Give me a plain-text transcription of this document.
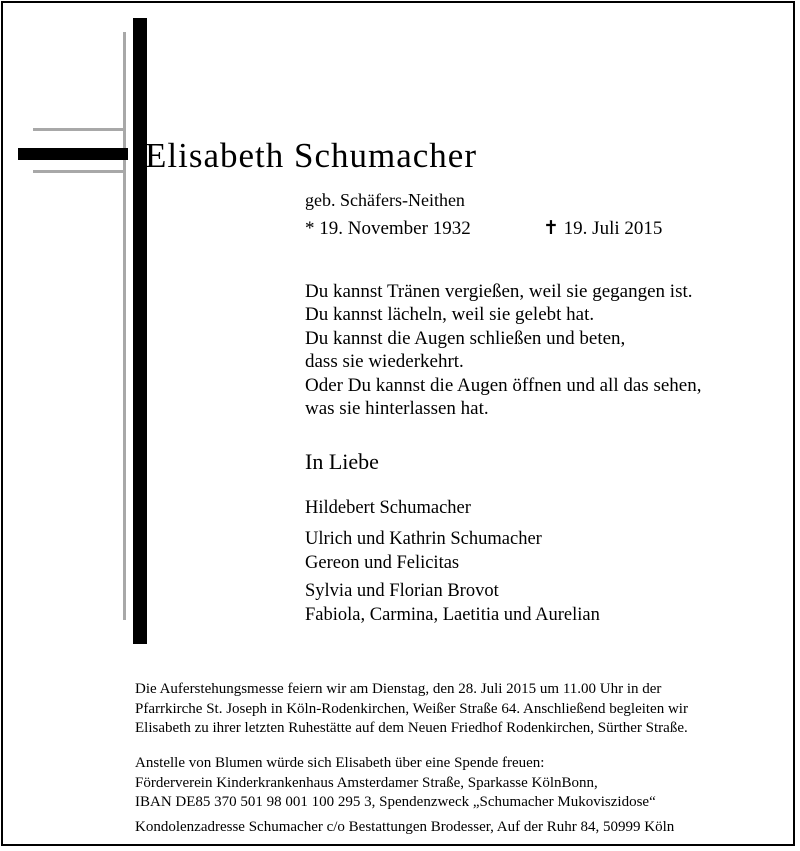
Elisabeth Schumacher
geb. Schäfers-Neithen
* 19. November 1932	✝ 19. Juli 2015
Du kannst Tränen vergießen, weil sie gegangen ist.
Du kannst lächeln, weil sie gelebt hat.
Du kannst die Augen schließen und beten,
dass sie wiederkehrt.
Oder Du kannst die Augen öffnen und all das sehen,
was sie hinterlassen hat.
In Liebe
Hildebert Schumacher
Ulrich und Kathrin Schumacher
Gereon und Felicitas
Sylvia und Florian Brovot
Fabiola, Carmina, Laetitia und Aurelian
Die Auferstehungsmesse feiern wir am Dienstag, den 28. Juli 2015 um 11.00 Uhr in der
Pfarrkirche St. Joseph in Köln-Rodenkirchen, Weißer Straße 64. Anschließend begleiten wir
Elisabeth zu ihrer letzten Ruhestätte auf dem Neuen Friedhof Rodenkirchen, Sürther Straße.
Anstelle von Blumen würde sich Elisabeth über eine Spende freuen:
Förderverein Kinderkrankenhaus Amsterdamer Straße, Sparkasse KölnBonn,
IBAN DE85 370 501 98 001 100 295 3, Spendenzweck „Schumacher Mukoviszidose“
Kondolenzadresse Schumacher c/o Bestattungen Brodesser, Auf der Ruhr 84, 50999 Köln
